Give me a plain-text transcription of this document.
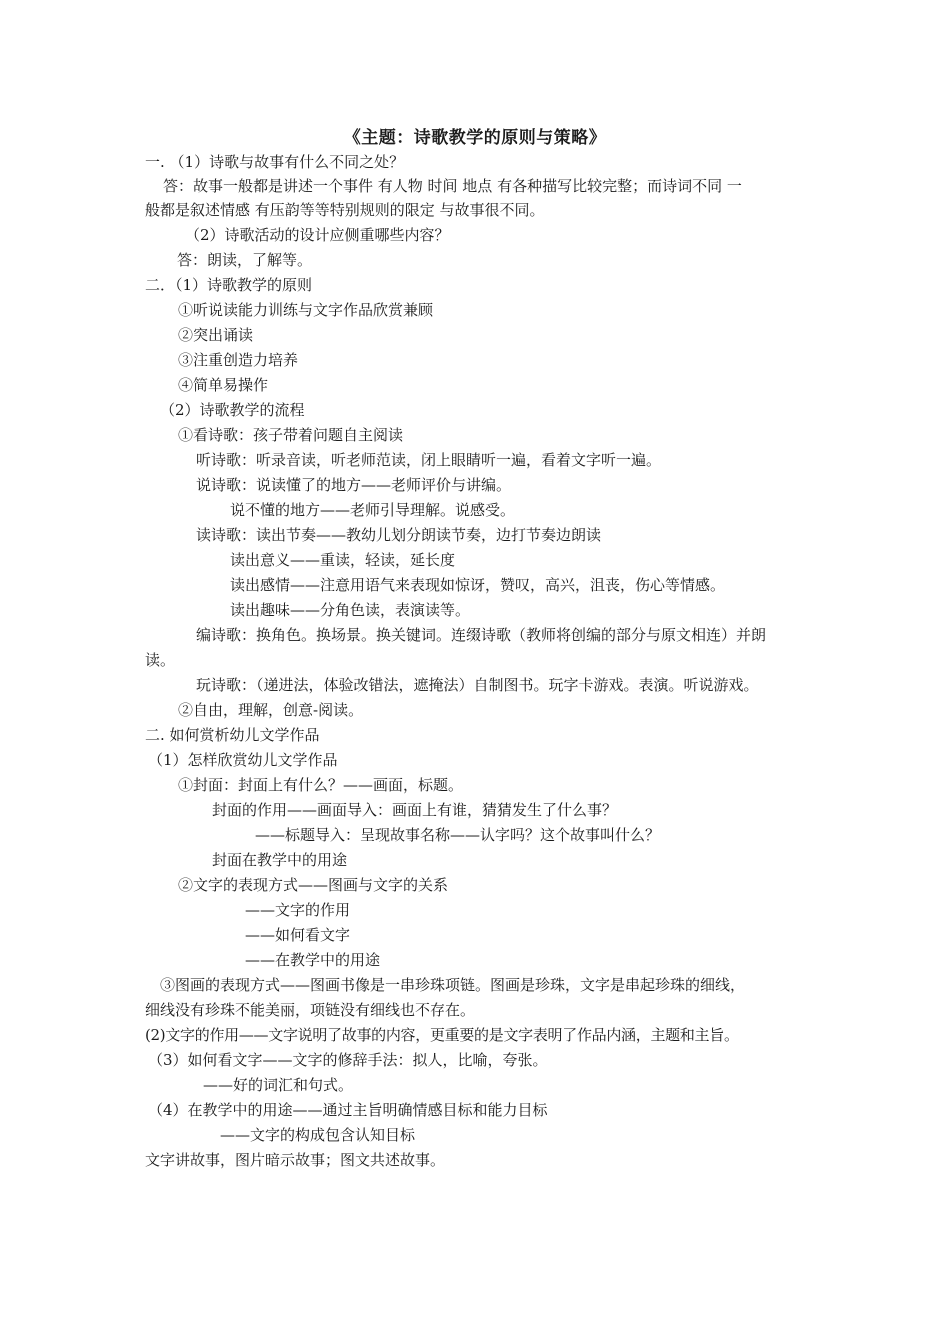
《主题：诗歌教学的原则与策略》
一. （1）诗歌与故事有什么不同之处？
答：故事一般都是讲述一个事件 有人物 时间 地点 有各种描写比较完整；而诗词不同 一
般都是叙述情感 有压韵等等特别规则的限定 与故事很不同。
（2）诗歌活动的设计应侧重哪些内容？
答：朗读，了解等。
二．（1）诗歌教学的原则
①听说读能力训练与文字作品欣赏兼顾
②突出诵读
③注重创造力培养
④简单易操作
（2）诗歌教学的流程
①看诗歌：孩子带着问题自主阅读
听诗歌：听录音读，听老师范读，闭上眼睛听一遍，看着文字听一遍。
说诗歌：说读懂了的地方——老师评价与讲编。
说不懂的地方——老师引导理解。说感受。
读诗歌：读出节奏——教幼儿划分朗读节奏，边打节奏边朗读
读出意义——重读，轻读，延长度
读出感情——注意用语气来表现如惊讶，赞叹，高兴，沮丧，伤心等情感。
读出趣味——分角色读，表演读等。
编诗歌：换角色。换场景。换关键词。连缀诗歌（教师将创编的部分与原文相连）并朗
读。
玩诗歌：（递进法，体验改错法，遮掩法）自制图书。玩字卡游戏。表演。听说游戏。
②自由，理解，创意-阅读。
二. 如何赏析幼儿文学作品
（1）怎样欣赏幼儿文学作品
①封面：封面上有什么？——画面，标题。
封面的作用——画面导入：画面上有谁，猜猜发生了什么事？
——标题导入：呈现故事名称——认字吗？这个故事叫什么？
封面在教学中的用途
②文字的表现方式——图画与文字的关系
——文字的作用
——如何看文字
——在教学中的用途
③图画的表现方式——图画书像是一串珍珠项链。图画是珍珠，文字是串起珍珠的细线，
细线没有珍珠不能美丽，项链没有细线也不存在。
(2)文字的作用——文字说明了故事的内容，更重要的是文字表明了作品内涵，主题和主旨。
（3）如何看文字——文字的修辞手法：拟人，比喻，夸张。
——好的词汇和句式。
（4）在教学中的用途——通过主旨明确情感目标和能力目标
——文字的构成包含认知目标
文字讲故事，图片暗示故事；图文共述故事。
